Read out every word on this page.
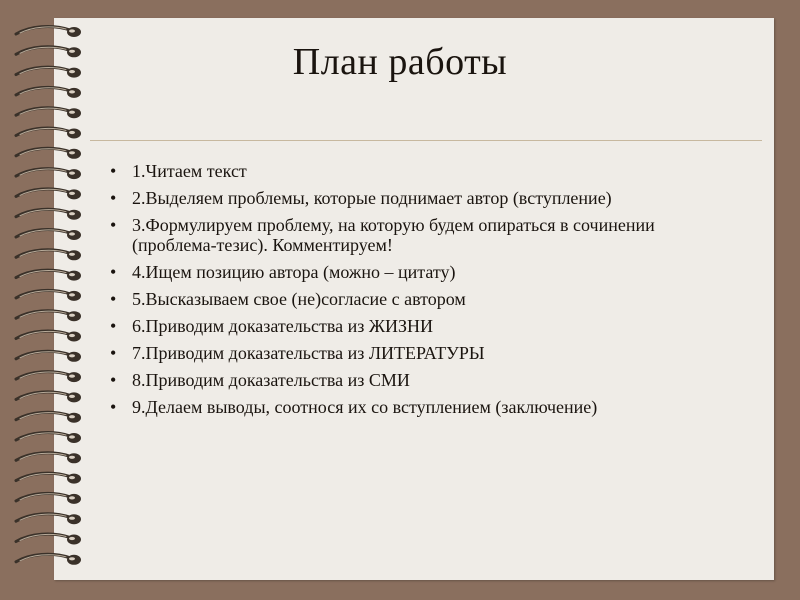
План работы
• 1.Читаем текст
• 2.Выделяем проблемы, которые поднимает автор (вступление)
• 3.Формулируем проблему, на которую будем опираться в сочинении (проблема-тезис). Комментируем!
• 4.Ищем позицию автора (можно – цитату)
• 5.Высказываем свое (не)согласие с автором
• 6.Приводим доказательства из ЖИЗНИ
• 7.Приводим доказательства из ЛИТЕРАТУРЫ
• 8.Приводим доказательства из СМИ
• 9.Делаем выводы, соотнося их со вступлением (заключение)
